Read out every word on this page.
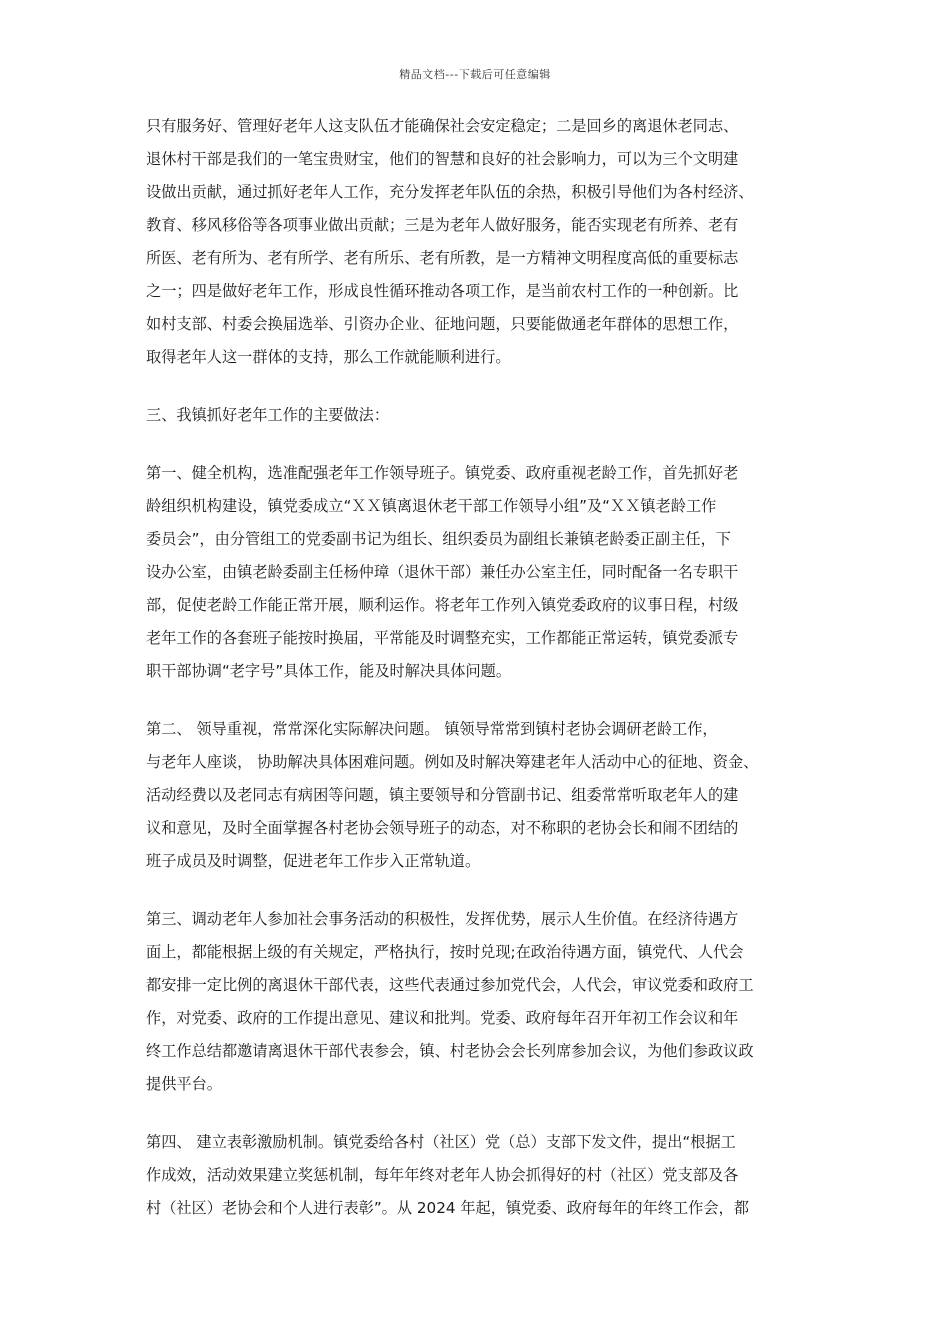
精品文档---下载后可任意编辑

只有服务好、管理好老年人这支队伍才能确保社会安定稳定；二是回乡的离退休老同志、
退休村干部是我们的一笔宝贵财宝，他们的智慧和良好的社会影响力，可以为三个文明建
设做出贡献，通过抓好老年人工作，充分发挥老年队伍的余热，积极引导他们为各村经济、
教育、移风移俗等各项事业做出贡献；三是为老年人做好服务，能否实现老有所养、老有
所医、老有所为、老有所学、老有所乐、老有所教，是一方精神文明程度高低的重要标志
之一；四是做好老年工作，形成良性循环推动各项工作，是当前农村工作的一种创新。比
如村支部、村委会换届选举、引资办企业、征地问题，只要能做通老年群体的思想工作，
取得老年人这一群体的支持，那么工作就能顺利进行。

三、我镇抓好老年工作的主要做法：

第一、健全机构，选准配强老年工作领导班子。镇党委、政府重视老龄工作，首先抓好老
龄组织机构建设，镇党委成立“ＸＸ镇离退休老干部工作领导小组”及“ＸＸ镇老龄工作
委员会”，由分管组工的党委副书记为组长、组织委员为副组长兼镇老龄委正副主任，下
设办公室，由镇老龄委副主任杨仲璋（退休干部）兼任办公室主任，同时配备一名专职干
部，促使老龄工作能正常开展，顺利运作。将老年工作列入镇党委政府的议事日程，村级
老年工作的各套班子能按时换届，平常能及时调整充实，工作都能正常运转，镇党委派专
职干部协调“老字号”具体工作，能及时解决具体问题。

第二、 领导重视，常常深化实际解决问题。 镇领导常常到镇村老协会调研老龄工作，
与老年人座谈， 协助解决具体困难问题。例如及时解决筹建老年人活动中心的征地、资金、
活动经费以及老同志有病困等问题，镇主要领导和分管副书记、组委常常听取老年人的建
议和意见，及时全面掌握各村老协会领导班子的动态，对不称职的老协会长和闹不团结的
班子成员及时调整，促进老年工作步入正常轨道。

第三、调动老年人参加社会事务活动的积极性，发挥优势，展示人生价值。在经济待遇方
面上，都能根据上级的有关规定，严格执行，按时兑现;在政治待遇方面，镇党代、人代会
都安排一定比例的离退休干部代表，这些代表通过参加党代会，人代会，审议党委和政府工
作，对党委、政府的工作提出意见、建议和批判。党委、政府每年召开年初工作会议和年
终工作总结都邀请离退休干部代表参会，镇、村老协会会长列席参加会议，为他们参政议政
提供平台。

第四、 建立表彰激励机制。镇党委给各村（社区）党（总）支部下发文件，提出“根据工
作成效，活动效果建立奖惩机制，每年年终对老年人协会抓得好的村（社区）党支部及各
村（社区）老协会和个人进行表彰”。从 2024 年起，镇党委、政府每年的年终工作会，都
